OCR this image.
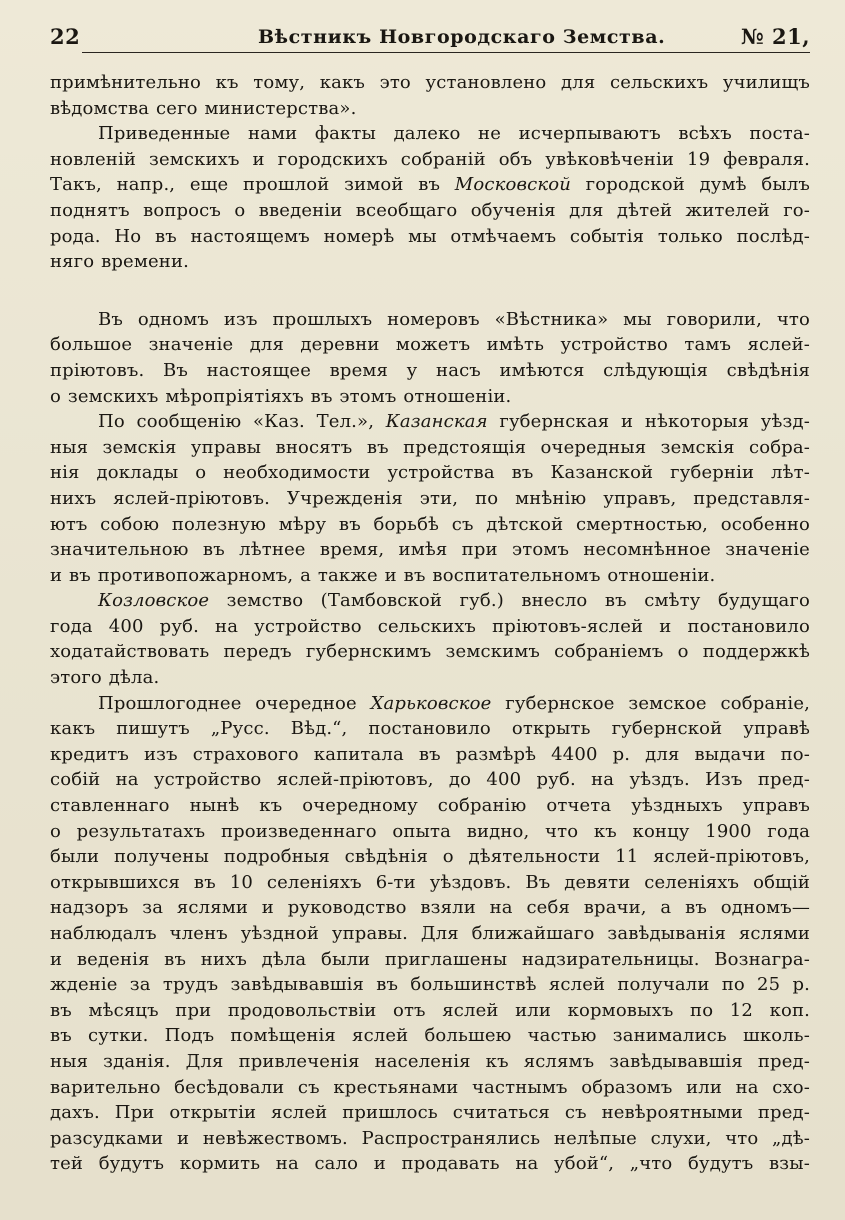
22	Вѣстникъ Новгородскаго Земства.	№ 21,

примѣнительно къ тому, какъ это установлено для сельскихъ училищъ

вѣдомства сего министерства».

Приведенные нами факты далеко не исчерпываютъ всѣхъ поста-

новленій земскихъ и городскихъ собраній объ увѣковѣченіи 19 февраля.

Такъ, напр., еще прошлой зимой въ Московской городской думѣ былъ

поднятъ вопросъ о введеніи всеобщаго обученія для дѣтей жителей го-

рода. Но въ настоящемъ номерѣ мы отмѣчаемъ событія только послѣд-

няго времени.

Въ одномъ изъ прошлыхъ номеровъ «Вѣстника» мы говорили, что

большое значеніе для деревни можетъ имѣть устройство тамъ яслей-

пріютовъ. Въ настоящее время у насъ имѣются слѣдующія свѣдѣнія

о земскихъ мѣропріятіяхъ въ этомъ отношеніи.

По сообщенію «Каз. Тел.», Казанская губернская и нѣкоторыя уѣзд-

ныя земскія управы вносятъ въ предстоящія очередныя земскія собра-

нія доклады о необходимости устройства въ Казанской губерніи лѣт-

нихъ яслей-пріютовъ. Учрежденія эти, по мнѣнію управъ, представля-

ютъ собою полезную мѣру въ борьбѣ съ дѣтской смертностью, особенно

значительною въ лѣтнее время, имѣя при этомъ несомнѣнное значеніе

и въ противопожарномъ, а также и въ воспитательномъ отношеніи.

Козловское земство (Тамбовской губ.) внесло въ смѣту будущаго

года 400 руб. на устройство сельскихъ пріютовъ-яслей и постановило

ходатайствовать передъ губернскимъ земскимъ собраніемъ о поддержкѣ

этого дѣла.

Прошлогоднее очередное Харьковское губернское земское собраніе,

какъ пишутъ „Русс. Вѣд.“, постановило открыть губернской управѣ

кредитъ изъ страхового капитала въ размѣрѣ 4400 р. для выдачи по-

собій на устройство яслей-пріютовъ, до 400 руб. на уѣздъ. Изъ пред-

ставленнаго нынѣ къ очередному собранію отчета уѣздныхъ управъ

о результатахъ произведеннаго опыта видно, что къ концу 1900 года

были получены подробныя свѣдѣнія о дѣятельности 11 яслей-пріютовъ,

открывшихся въ 10 селеніяхъ 6-ти уѣздовъ. Въ девяти селеніяхъ общій

надзоръ за яслями и руководство взяли на себя врачи, а въ одномъ—

наблюдалъ членъ уѣздной управы. Для ближайшаго завѣдыванія яслями

и веденія въ нихъ дѣла были приглашены надзирательницы. Вознагра-

жденіе за трудъ завѣдывавшія въ большинствѣ яслей получали по 25 р.

въ мѣсяцъ при продовольствіи отъ яслей или кормовыхъ по 12 коп.

въ сутки. Подъ помѣщенія яслей большею частью занимались школь-

ныя зданія. Для привлеченія населенія къ яслямъ завѣдывавшія пред-

варительно бесѣдовали съ крестьянами частнымъ образомъ или на схо-

дахъ. При открытіи яслей пришлось считаться съ невѣроятными пред-

разсудками и невѣжествомъ. Распространялись нелѣпые слухи, что „дѣ-

тей будутъ кормить на сало и продавать на убой“, „что будутъ взы-
